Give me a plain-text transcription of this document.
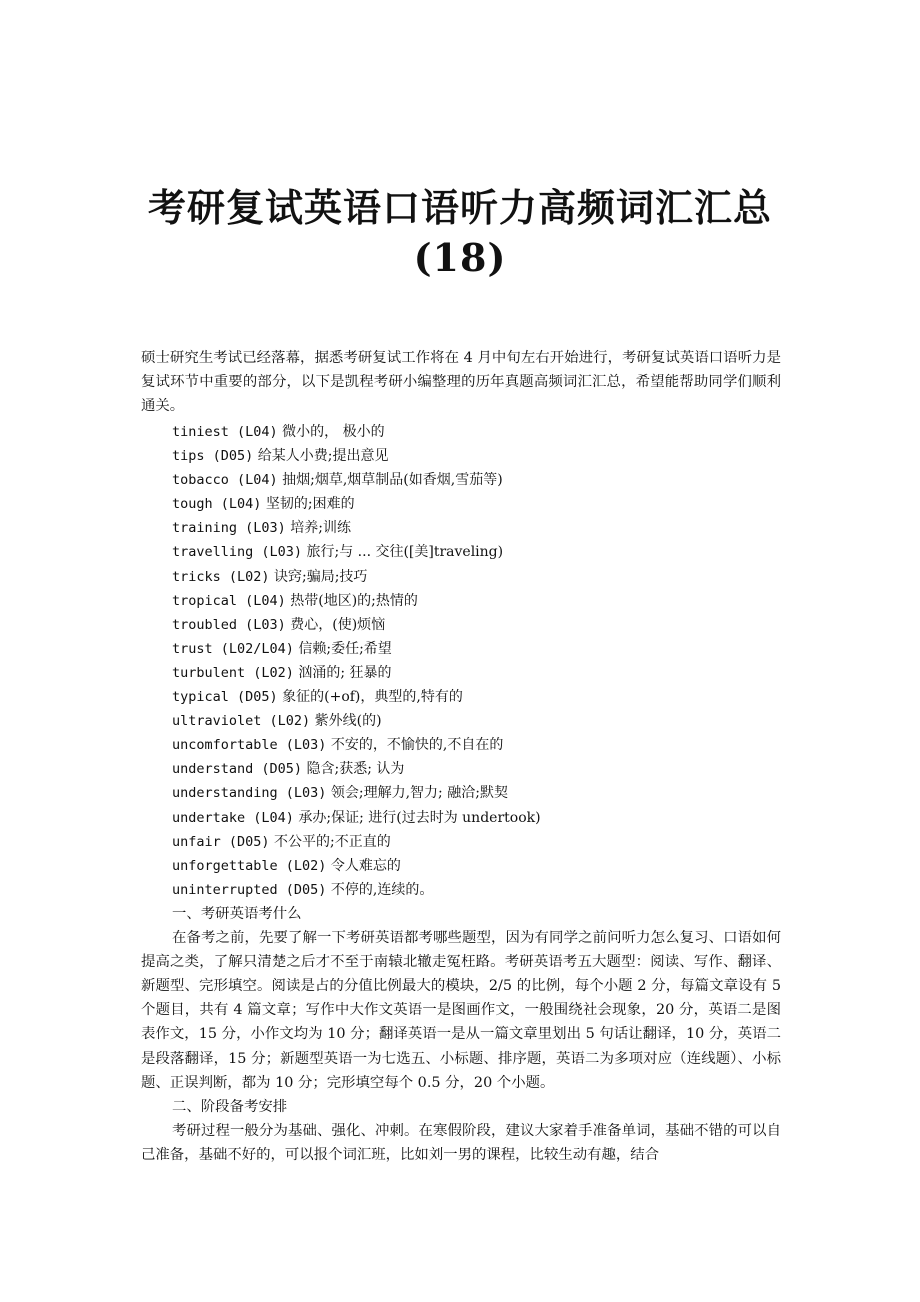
考研复试英语口语听力高频词汇汇总
(18)

硕士研究生考试已经落幕，据悉考研复试工作将在 4 月中旬左右开始进行，考研复试英语口语听力是复试环节中重要的部分，以下是凯程考研小编整理的历年真题高频词汇汇总，希望能帮助同学们顺利通关。

tiniest (L04) 微小的， 极小的
tips (D05) 给某人小费;提出意见
tobacco (L04) 抽烟;烟草,烟草制品(如香烟,雪茄等)
tough (L04) 坚韧的;困难的
training (L03) 培养;训练
travelling (L03) 旅行;与 ... 交往([美]traveling)
tricks (L02) 诀窍;骗局;技巧
tropical (L04) 热带(地区)的;热情的
troubled (L03) 费心，(使)烦恼
trust (L02/L04) 信赖;委任;希望
turbulent (L02) 汹涌的; 狂暴的
typical (D05) 象征的(+of)，典型的,特有的
ultraviolet (L02) 紫外线(的)
uncomfortable (L03) 不安的，不愉快的,不自在的
understand (D05) 隐含;获悉; 认为
understanding (L03) 领会;理解力,智力; 融洽;默契
undertake (L04) 承办;保证; 进行(过去时为 undertook)
unfair (D05) 不公平的;不正直的
unforgettable (L02) 令人难忘的
uninterrupted (D05) 不停的,连续的。

一、考研英语考什么

在备考之前，先要了解一下考研英语都考哪些题型，因为有同学之前问听力怎么复习、口语如何提高之类，了解只清楚之后才不至于南辕北辙走冤枉路。考研英语考五大题型：阅读、写作、翻译、新题型、完形填空。阅读是占的分值比例最大的模块，2/5 的比例，每个小题 2 分，每篇文章设有 5 个题目，共有 4 篇文章；写作中大作文英语一是图画作文，一般围绕社会现象，20 分，英语二是图表作文，15 分，小作文均为 10 分；翻译英语一是从一篇文章里划出 5 句话让翻译，10 分，英语二是段落翻译，15 分；新题型英语一为七选五、小标题、排序题，英语二为多项对应（连线题）、小标题、正误判断，都为 10 分；完形填空每个 0.5 分，20 个小题。

二、阶段备考安排

考研过程一般分为基础、强化、冲刺。在寒假阶段，建议大家着手准备单词，基础不错的可以自己准备，基础不好的，可以报个词汇班，比如刘一男的课程，比较生动有趣，结合
